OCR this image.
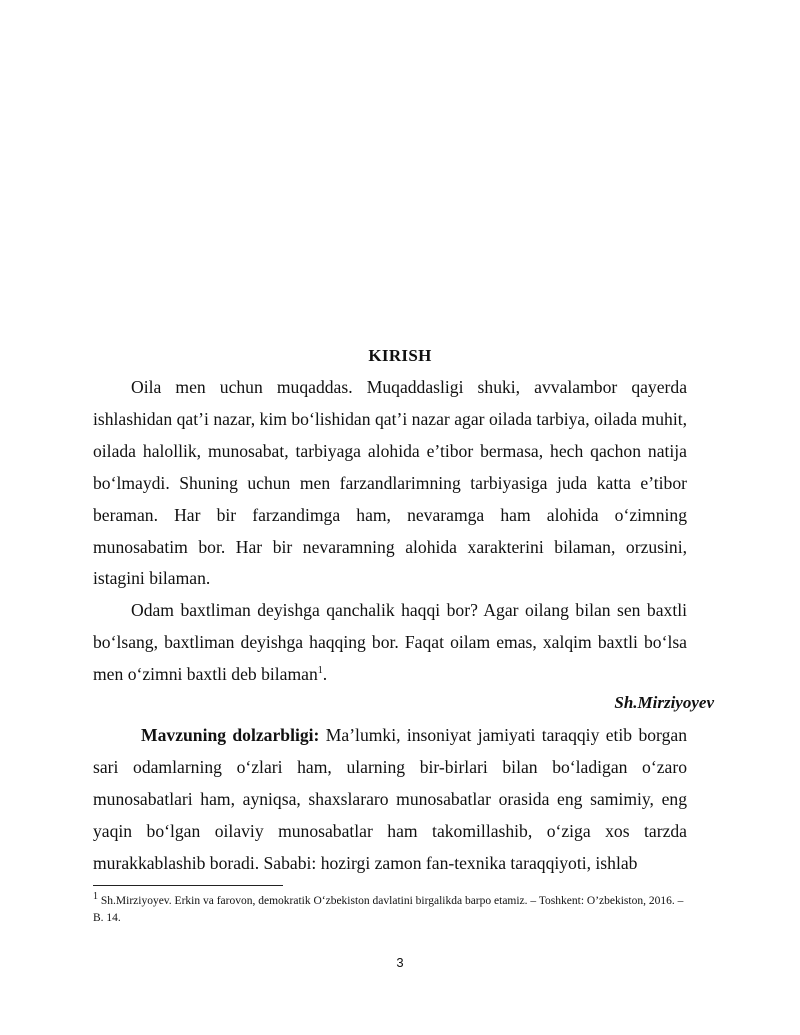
KIRISH

Oila men uchun muqaddas. Muqaddasligi shuki, avvalambor qayerda ishlashidan qat’i nazar, kim bo‘lishidan qat’i nazar agar oilada tarbiya, oilada muhit, oilada halollik, munosabat, tarbiyaga alohida e’tibor bermasa, hech qachon natija bo‘lmaydi. Shuning uchun men farzandlarimning tarbiyasiga juda katta e’tibor beraman. Har bir farzandimga ham, nevaramga ham alohida o‘zimning munosabatim bor. Har bir nevaramning alohida xarakterini bilaman, orzusini, istagini bilaman.

Odam baxtliman deyishga qanchalik haqqi bor? Agar oilang bilan sen baxtli bo‘lsang, baxtliman deyishga haqqing bor. Faqat oilam emas, xalqim baxtli bo‘lsa men o‘zimni baxtli deb bilaman$^1$.

Sh.Mirziyoyev

Mavzuning dolzarbligi: Ma’lumki, insoniyat jamiyati taraqqiy etib borgan sari odamlarning o‘zlari ham, ularning bir-birlari bilan bo‘ladigan o‘zaro munosabatlari ham, ayniqsa, shaxslararo munosabatlar orasida eng samimiy, eng yaqin bo‘lgan oilaviy munosabatlar ham takomillashib, o‘ziga xos tarzda murakkablashib boradi. Sababi: hozirgi zamon fan-texnika taraqqiyoti, ishlab

$^1$ Sh.Mirziyoyev. Erkin va farovon, demokratik O‘zbekiston davlatini birgalikda barpo etamiz. – Toshkent: O’zbekiston, 2016. – B. 14.

3
